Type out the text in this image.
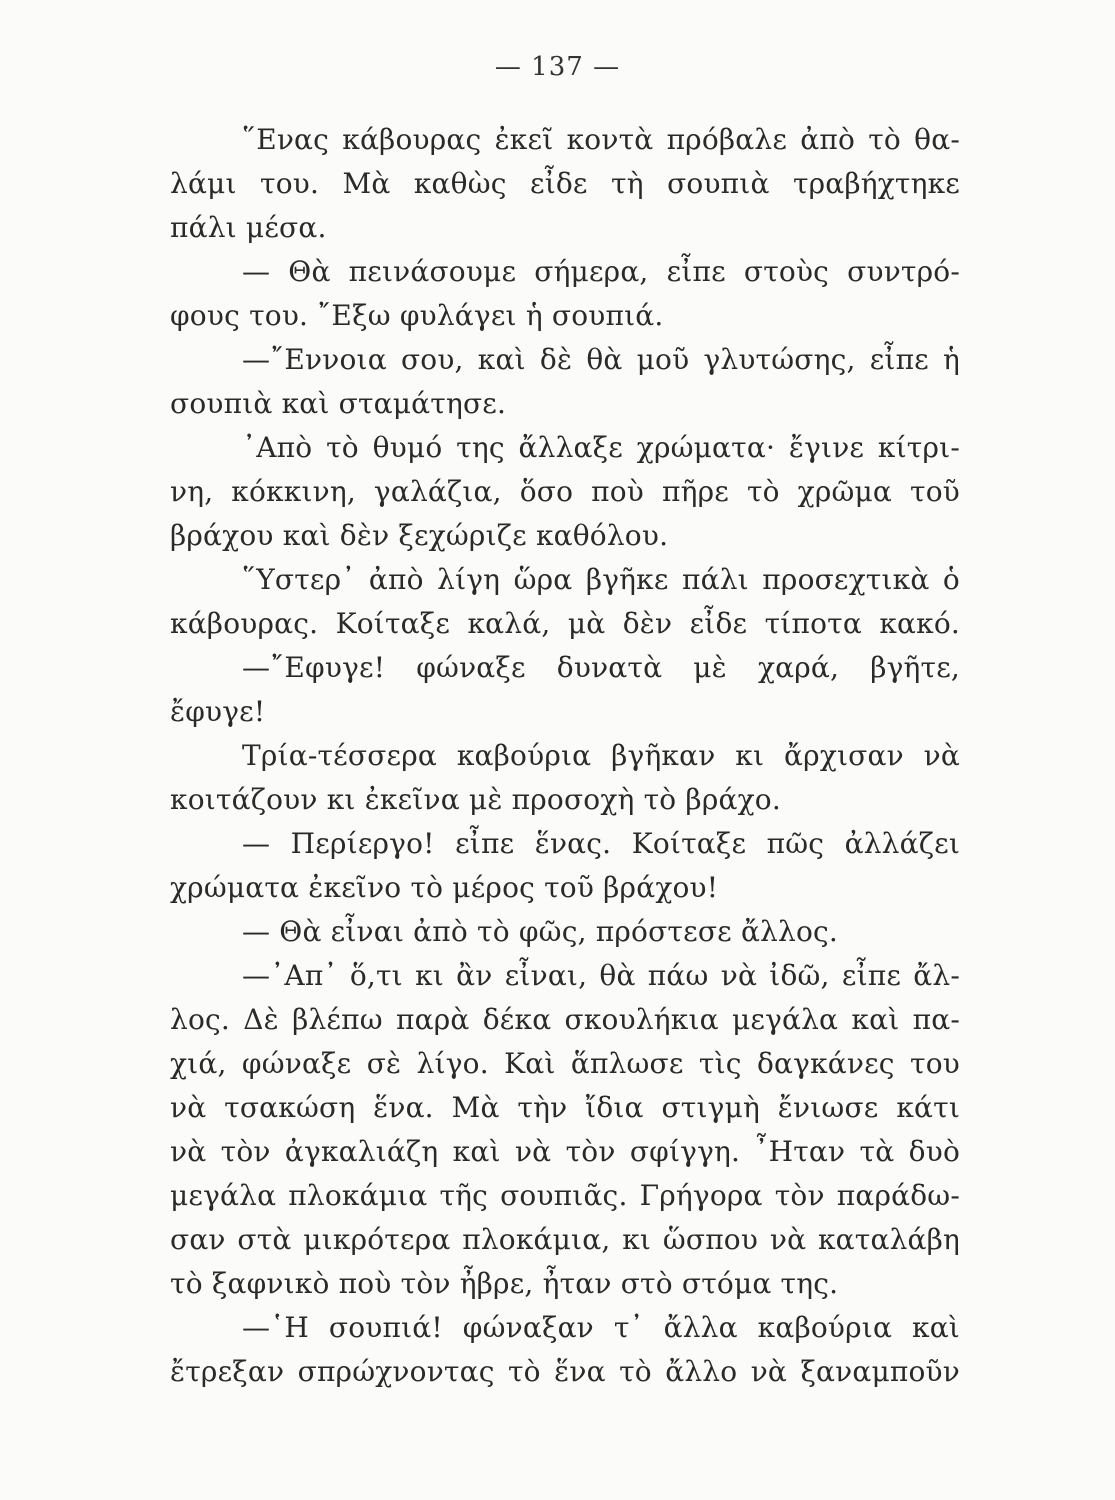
— 137 —
῞Ενας κάβουρας ἐκεῖ κοντὰ πρόβαλε ἀπὸ τὸ θα-
λάμι του. Μὰ καθὼς εἶδε τὴ σουπιὰ τραβήχτηκε
πάλι μέσα.
— Θὰ πεινάσουμε σήμερα, εἶπε στοὺς συντρό-
φους του. ῎Εξω φυλάγει ἡ σουπιά.
—῎Εννοια σου, καὶ δὲ θὰ μοῦ γλυτώσης, εἶπε ἡ
σουπιὰ καὶ σταμάτησε.
᾿Απὸ τὸ θυμό της ἄλλαξε χρώματα· ἔγινε κίτρι-
νη, κόκκινη, γαλάζια, ὅσο ποὺ πῆρε τὸ χρῶμα τοῦ
βράχου καὶ δὲν ξεχώριζε καθόλου.
῞Υστερ᾿ ἀπὸ λίγη ὥρα βγῆκε πάλι προσεχτικὰ ὁ
κάβουρας. Κοίταξε καλά, μὰ δὲν εἶδε τίποτα κακό.
—῎Εφυγε! φώναξε δυνατὰ μὲ χαρά, βγῆτε,
ἔφυγε!
Τρία-τέσσερα καβούρια βγῆκαν κι ἄρχισαν νὰ
κοιτάζουν κι ἐκεῖνα μὲ προσοχὴ τὸ βράχο.
— Περίεργο! εἶπε ἕνας. Κοίταξε πῶς ἀλλάζει
χρώματα ἐκεῖνο τὸ μέρος τοῦ βράχου!
— Θὰ εἶναι ἀπὸ τὸ φῶς, πρόστεσε ἄλλος.
—᾿Απ᾿ ὅ,τι κι ἂν εἶναι, θὰ πάω νὰ ἰδῶ, εἶπε ἄλ-
λος. Δὲ βλέπω παρὰ δέκα σκουλήκια μεγάλα καὶ πα-
χιά, φώναξε σὲ λίγο. Καὶ ἅπλωσε τὶς δαγκάνες του
νὰ τσακώση ἕνα. Μὰ τὴν ἴδια στιγμὴ ἔνιωσε κάτι
νὰ τὸν ἀγκαλιάζη καὶ νὰ τὸν σφίγγη. ῏Ηταν τὰ δυὸ
μεγάλα πλοκάμια τῆς σουπιᾶς. Γρήγορα τὸν παράδω-
σαν στὰ μικρότερα πλοκάμια, κι ὥσπου νὰ καταλάβη
τὸ ξαφνικὸ ποὺ τὸν ἦβρε, ἦταν στὸ στόμα της.
—῾Η σουπιά! φώναξαν τ᾿ ἄλλα καβούρια καὶ
ἔτρεξαν σπρώχνοντας τὸ ἕνα τὸ ἄλλο νὰ ξαναμποῦν
